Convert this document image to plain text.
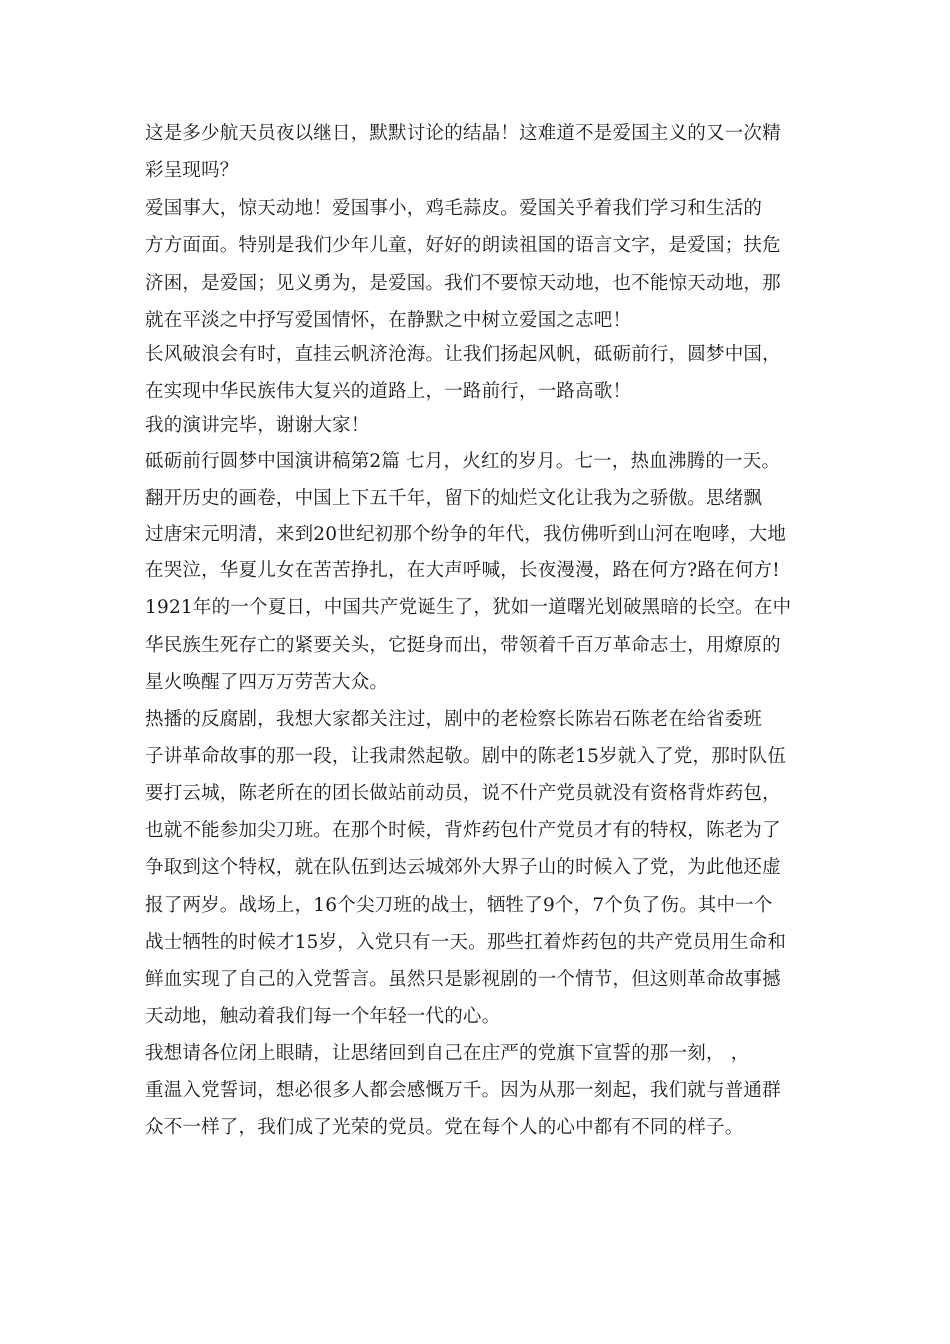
这是多少航天员夜以继日，默默讨论的结晶！这难道不是爱国主义的又一次精
彩呈现吗？
爱国事大，惊天动地！爱国事小，鸡毛蒜皮。爱国关乎着我们学习和生活的
方方面面。特别是我们少年儿童，好好的朗读祖国的语言文字，是爱国；扶危
济困，是爱国；见义勇为，是爱国。我们不要惊天动地，也不能惊天动地，那
就在平淡之中抒写爱国情怀，在静默之中树立爱国之志吧！
长风破浪会有时，直挂云帆济沧海。让我们扬起风帆，砥砺前行，圆梦中国，
在实现中华民族伟大复兴的道路上，一路前行，一路高歌！
我的演讲完毕，谢谢大家！
砥砺前行圆梦中国演讲稿第2篇 七月，火红的岁月。七一，热血沸腾的一天。
翻开历史的画卷，中国上下五千年，留下的灿烂文化让我为之骄傲。思绪飘
过唐宋元明清，来到20世纪初那个纷争的年代，我仿佛听到山河在咆哮，大地
在哭泣，华夏儿女在苦苦挣扎，在大声呼喊，长夜漫漫，路在何方?路在何方!
1921年的一个夏日，中国共产党诞生了，犹如一道曙光划破黑暗的长空。在中
华民族生死存亡的紧要关头，它挺身而出，带领着千百万革命志士，用燎原的
星火唤醒了四万万劳苦大众。
热播的反腐剧，我想大家都关注过，剧中的老检察长陈岩石陈老在给省委班
子讲革命故事的那一段，让我肃然起敬。剧中的陈老15岁就入了党，那时队伍
要打云城，陈老所在的团长做站前动员，说不什产党员就没有资格背炸药包，
也就不能参加尖刀班。在那个时候，背炸药包什产党员才有的特权，陈老为了
争取到这个特权，就在队伍到达云城郊外大界子山的时候入了党，为此他还虚
报了两岁。战场上，16个尖刀班的战士，牺牲了9个，7个负了伤。其中一个
战士牺牲的时候才15岁，入党只有一天。那些扛着炸药包的共产党员用生命和
鲜血实现了自己的入党誓言。虽然只是影视剧的一个情节，但这则革命故事撼
天动地，触动着我们每一个年轻一代的心。
我想请各位闭上眼睛，让思绪回到自己在庄严的党旗下宣誓的那一刻， ，
重温入党誓词，想必很多人都会感慨万千。因为从那一刻起，我们就与普通群
众不一样了，我们成了光荣的党员。党在每个人的心中都有不同的样子。
